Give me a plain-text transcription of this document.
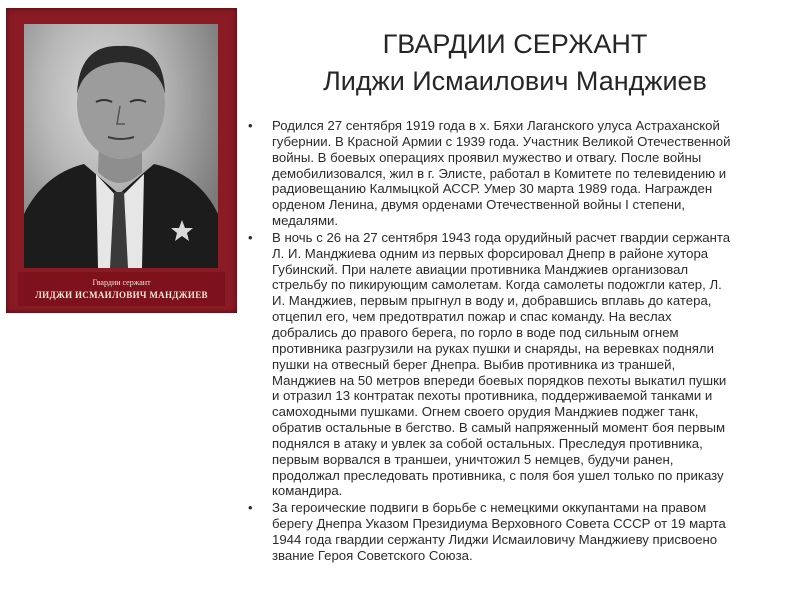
Гвардии сержант
ЛИДЖИ ИСМАИЛОВИЧ МАНДЖИЕВ
ГВАРДИИ СЕРЖАНТ
Лиджи Исмаилович Манджиев
• Родился 27 сентября 1919 года в х. Бяхи Лаганского улуса Астраханской губернии. В Красной Армии с 1939 года. Участник Великой Отечественной войны. В боевых операциях проявил мужество и отвагу. После войны демобилизовался, жил в г. Элисте, работал в Комитете по телевидению и радиовещанию Калмыцкой АССР. Умер 30 марта 1989 года. Награжден орденом Ленина, двумя орденами Отечественной войны I степени, медалями.
• В ночь с 26 на 27 сентября 1943 года орудийный расчет гвардии сержанта Л. И. Манджиева одним из первых форсировал Днепр в районе хутора Губинский. При налете авиации противника Манджиев организовал стрельбу по пикирующим самолетам. Когда самолеты подожгли катер, Л. И. Манджиев, первым прыгнул в воду и, добравшись вплавь до катера, отцепил его, чем предотвратил пожар и спас команду. На веслах добрались до правого берега, по горло в воде под сильным огнем противника разгрузили на руках пушки и снаряды, на веревках подняли пушки на отвесный берег Днепра. Выбив противника из траншей, Манджиев на 50 метров впереди боевых порядков пехоты выкатил пушки и отразил 13 контратак пехоты противника, поддерживаемой танками и самоходными пушками. Огнем своего орудия Манджиев поджег танк, обратив остальные в бегство. В самый напряженный момент боя первым поднялся в атаку и увлек за собой остальных. Преследуя противника, первым ворвался в траншеи, уничтожил 5 немцев, будучи ранен, продолжал преследовать противника, с поля боя ушел только по приказу командира.
• За героические подвиги в борьбе с немецкими оккупантами на правом берегу Днепра Указом Президиума Верховного Совета СССР от 19 марта 1944 года гвардии сержанту Лиджи Исмаиловичу Манджиеву присвоено звание Героя Советского Союза.
